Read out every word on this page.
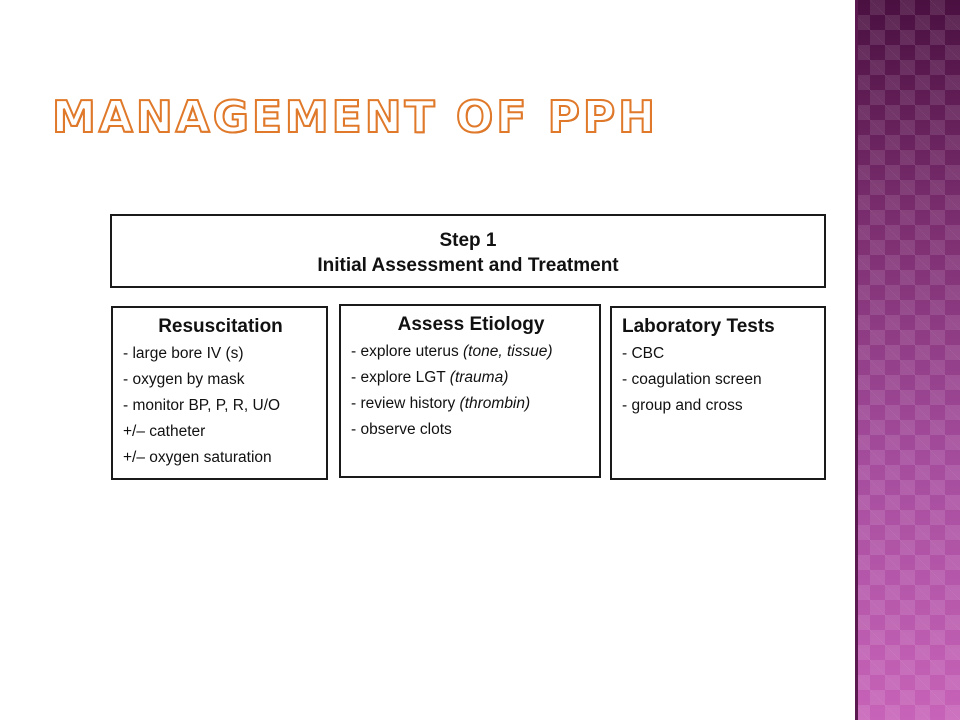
MANAGEMENT OF PPH
Step 1
Initial Assessment and Treatment
Resuscitation
- large bore IV (s)
- oxygen by mask
- monitor BP, P, R, U/O
+/– catheter
+/– oxygen saturation
Assess Etiology
- explore uterus (tone, tissue)
- explore LGT (trauma)
- review history (thrombin)
- observe clots
Laboratory Tests
- CBC
- coagulation screen
- group and cross
